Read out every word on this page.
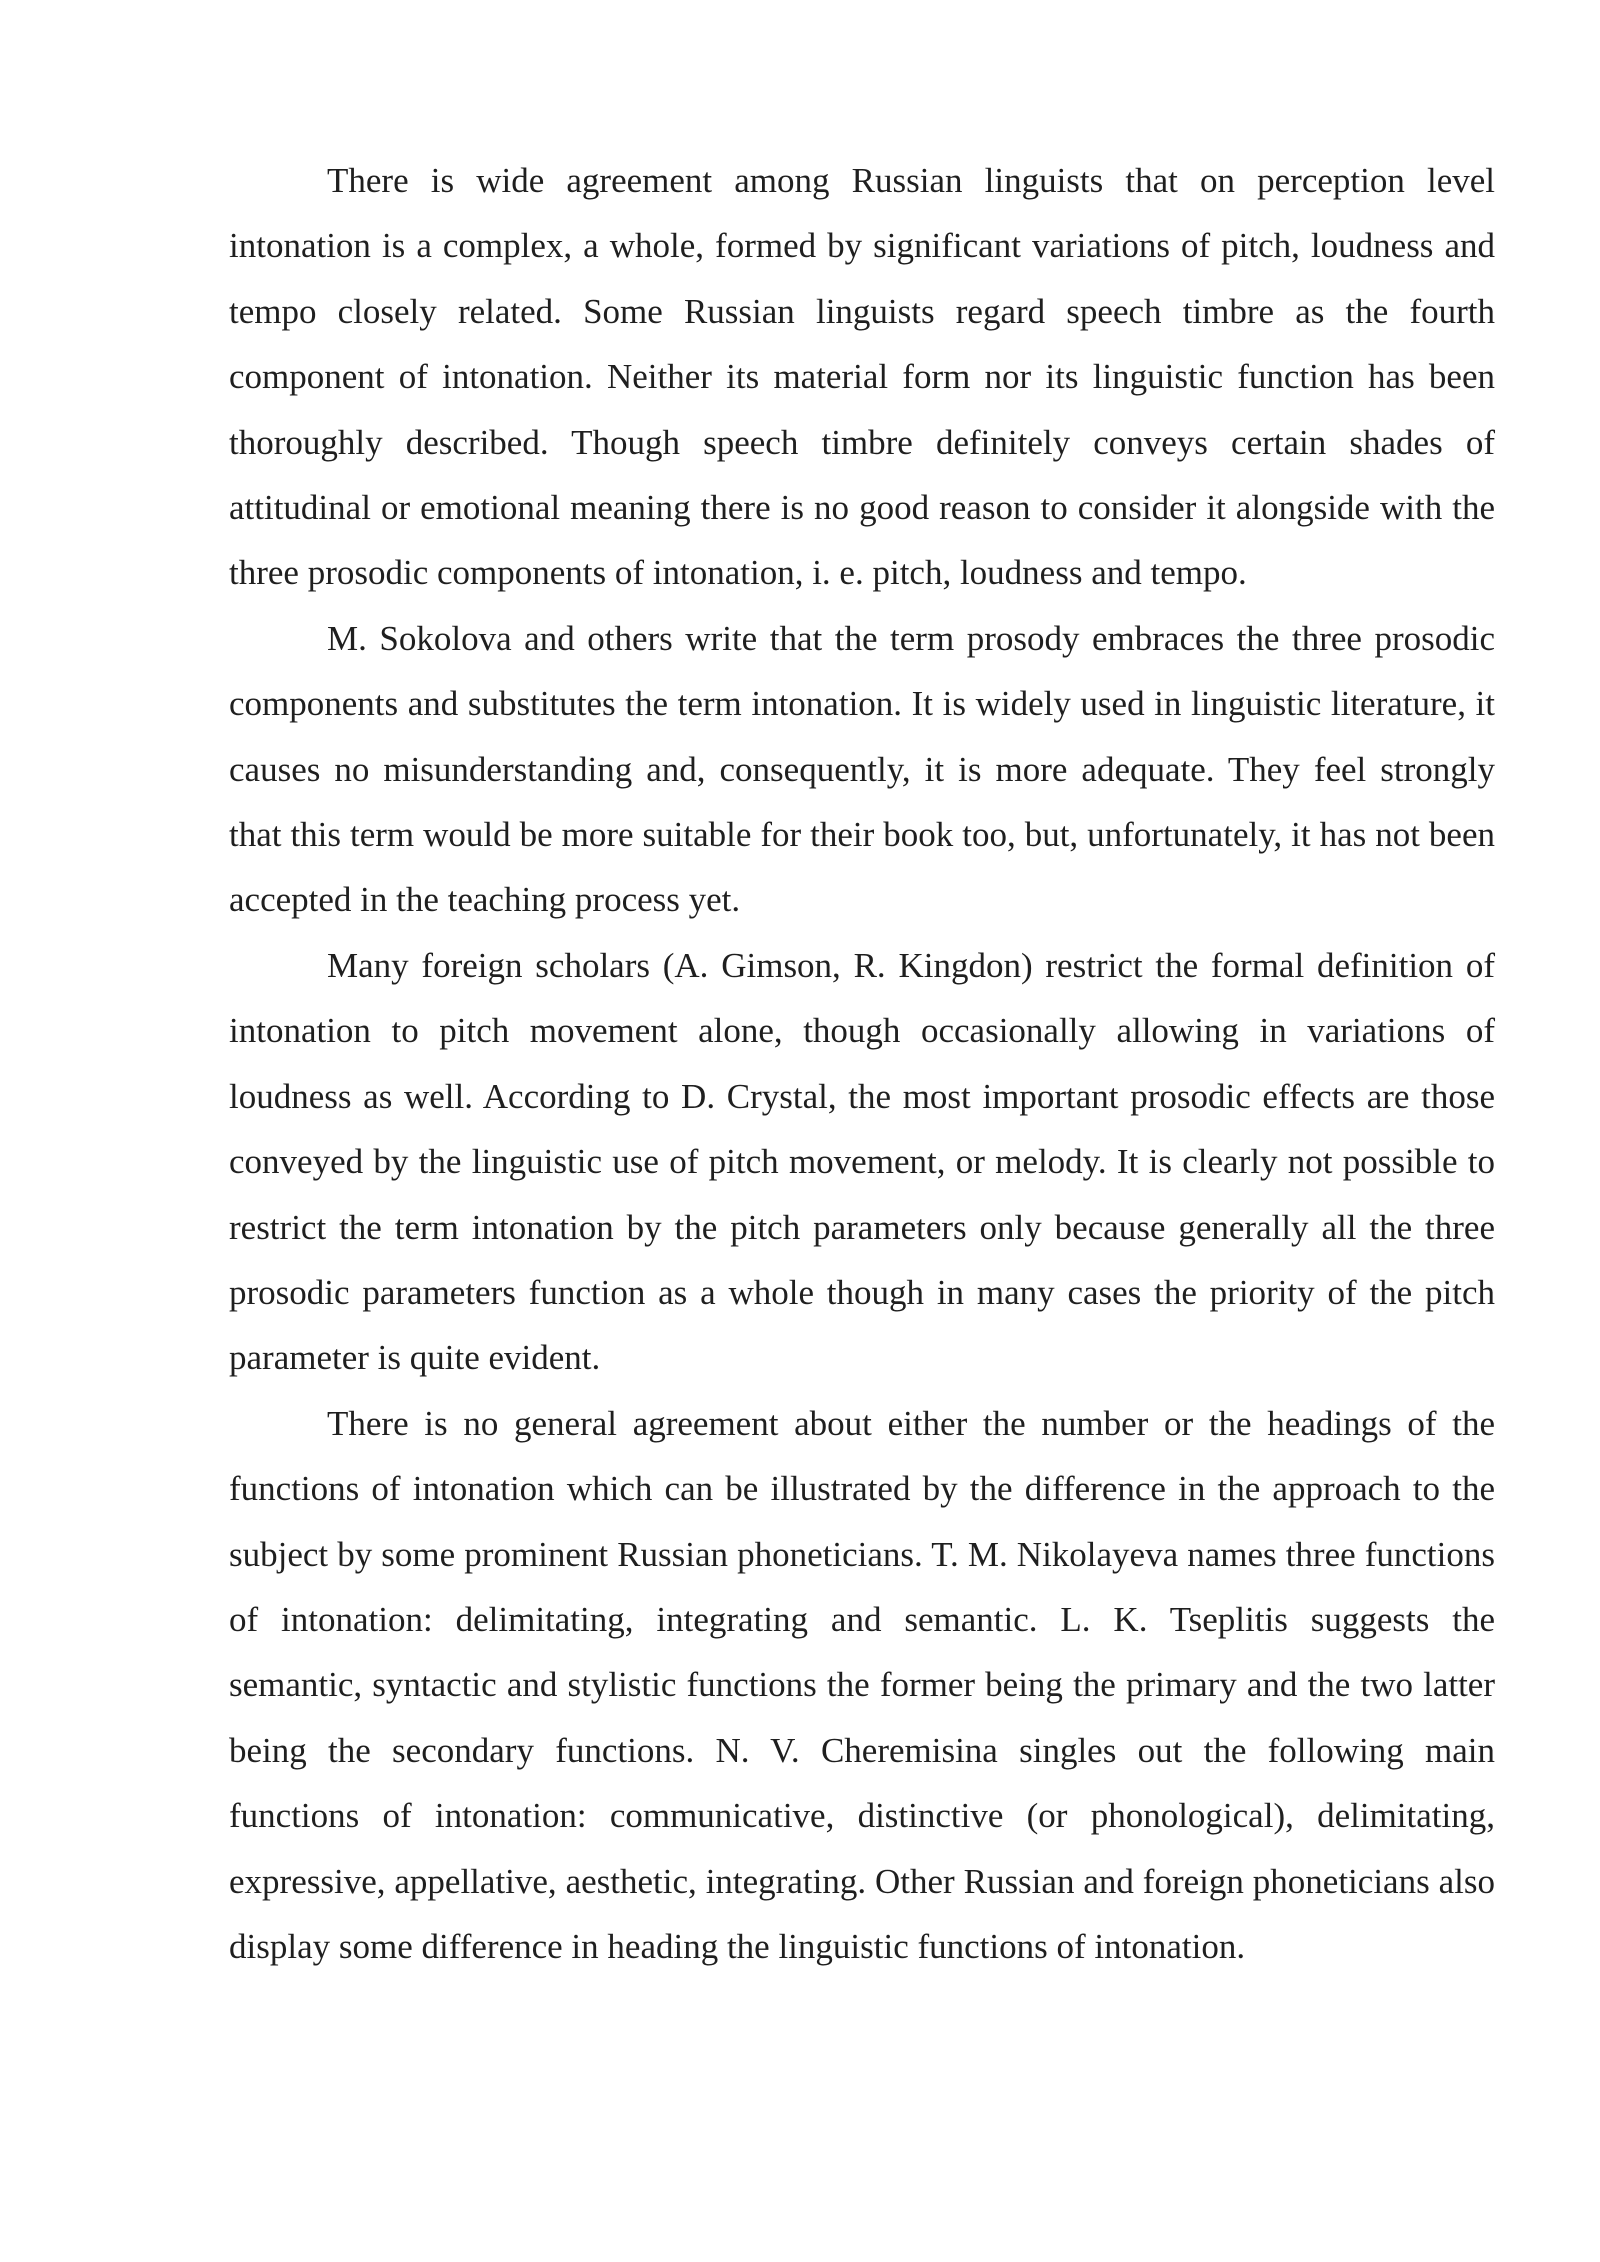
There is wide agreement among Russian linguists that on perception level intonation is a complex, a whole, formed by significant variations of pitch, loudness and tempo closely related. Some Russian linguists regard speech timbre as the fourth component of intonation. Neither its material form nor its linguistic function has been thoroughly described. Though speech timbre definitely conveys certain shades of attitudinal or emotional meaning there is no good reason to consider it alongside with the three prosodic components of intonation, i. e. pitch, loudness and tempo.

M. Sokolova and others write that the term prosody embraces the three prosodic components and substitutes the term intonation. It is widely used in linguistic literature, it causes no misunderstanding and, consequently, it is more adequate. They feel strongly that this term would be more suitable for their book too, but, unfortunately, it has not been accepted in the teaching process yet.

Many foreign scholars (A. Gimson, R. Kingdon) restrict the formal definition of intonation to pitch movement alone, though occasionally allowing in variations of loudness as well. According to D. Crystal, the most important prosodic effects are those conveyed by the linguistic use of pitch movement, or melody. It is clearly not possible to restrict the term intonation by the pitch parameters only because generally all the three prosodic parameters function as a whole though in many cases the priority of the pitch parameter is quite evident.

There is no general agreement about either the number or the headings of the functions of intonation which can be illustrated by the difference in the approach to the subject by some prominent Russian phoneticians. T. M. Nikolayeva names three functions of intonation: delimitating, integrating and semantic. L. K. Tseplitis suggests the semantic, syntactic and stylistic functions the former being the primary and the two latter being the secondary functions. N. V. Cheremisina singles out the following main functions of intonation: communicative, distinctive (or phonological), delimitating, expressive, appellative, aesthetic, integrating. Other Russian and foreign phoneticians also display some difference in heading the linguistic functions of intonation.
